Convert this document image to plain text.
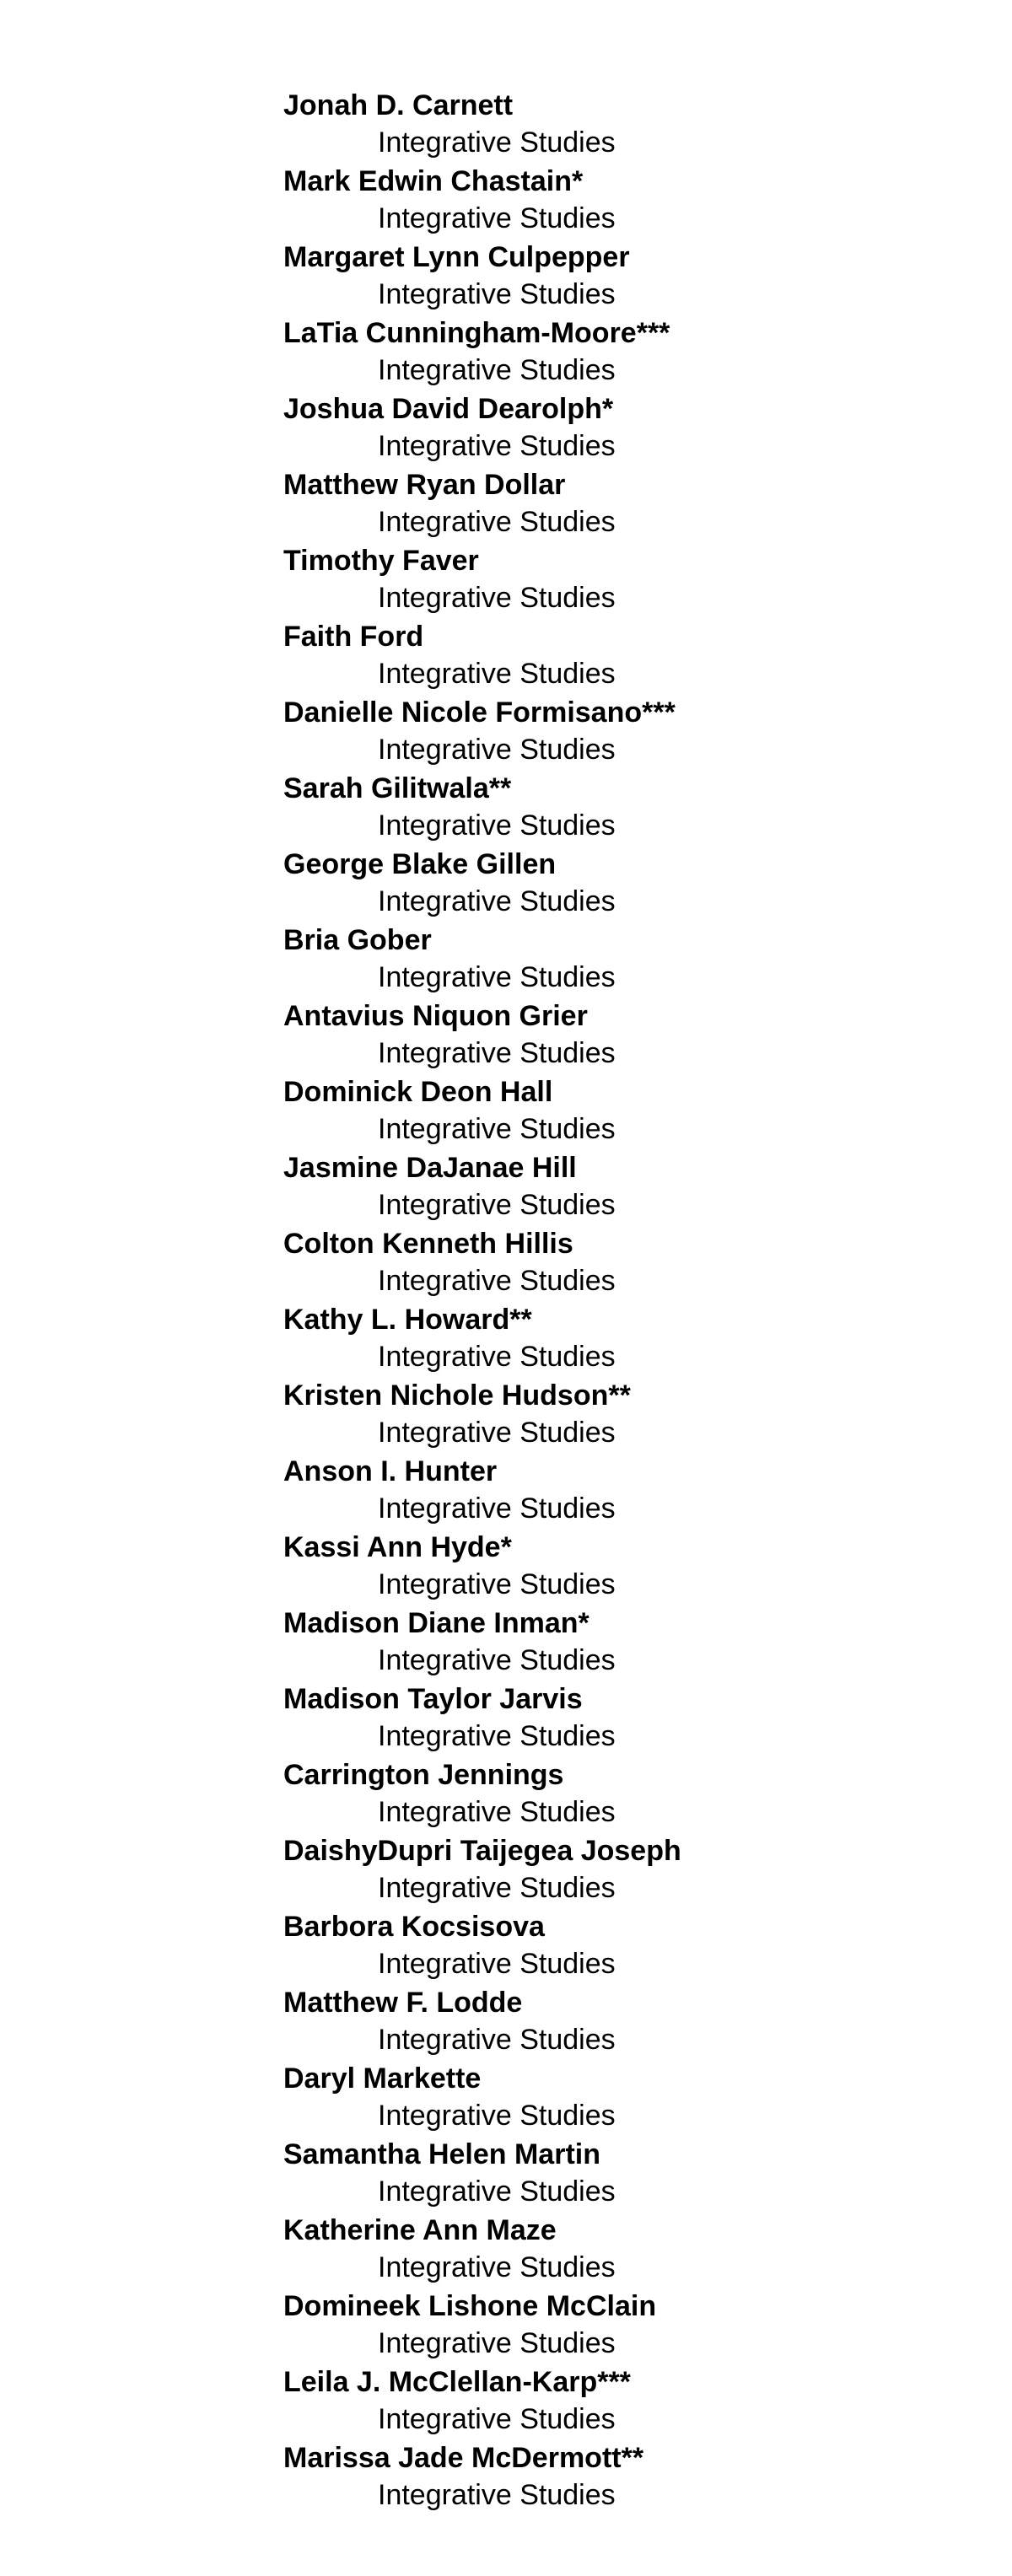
Jonah D. Carnett
Integrative Studies
Mark Edwin Chastain*
Integrative Studies
Margaret Lynn Culpepper
Integrative Studies
LaTia Cunningham-Moore***
Integrative Studies
Joshua David Dearolph*
Integrative Studies
Matthew Ryan Dollar
Integrative Studies
Timothy Faver
Integrative Studies
Faith Ford
Integrative Studies
Danielle Nicole Formisano***
Integrative Studies
Sarah Gilitwala**
Integrative Studies
George Blake Gillen
Integrative Studies
Bria Gober
Integrative Studies
Antavius Niquon Grier
Integrative Studies
Dominick Deon Hall
Integrative Studies
Jasmine DaJanae Hill
Integrative Studies
Colton Kenneth Hillis
Integrative Studies
Kathy L. Howard**
Integrative Studies
Kristen Nichole Hudson**
Integrative Studies
Anson I. Hunter
Integrative Studies
Kassi Ann Hyde*
Integrative Studies
Madison Diane Inman*
Integrative Studies
Madison Taylor Jarvis
Integrative Studies
Carrington Jennings
Integrative Studies
DaishyDupri Taijegea Joseph
Integrative Studies
Barbora Kocsisova
Integrative Studies
Matthew F. Lodde
Integrative Studies
Daryl Markette
Integrative Studies
Samantha Helen Martin
Integrative Studies
Katherine Ann Maze
Integrative Studies
Domineek Lishone McClain
Integrative Studies
Leila J. McClellan-Karp***
Integrative Studies
Marissa Jade McDermott**
Integrative Studies
